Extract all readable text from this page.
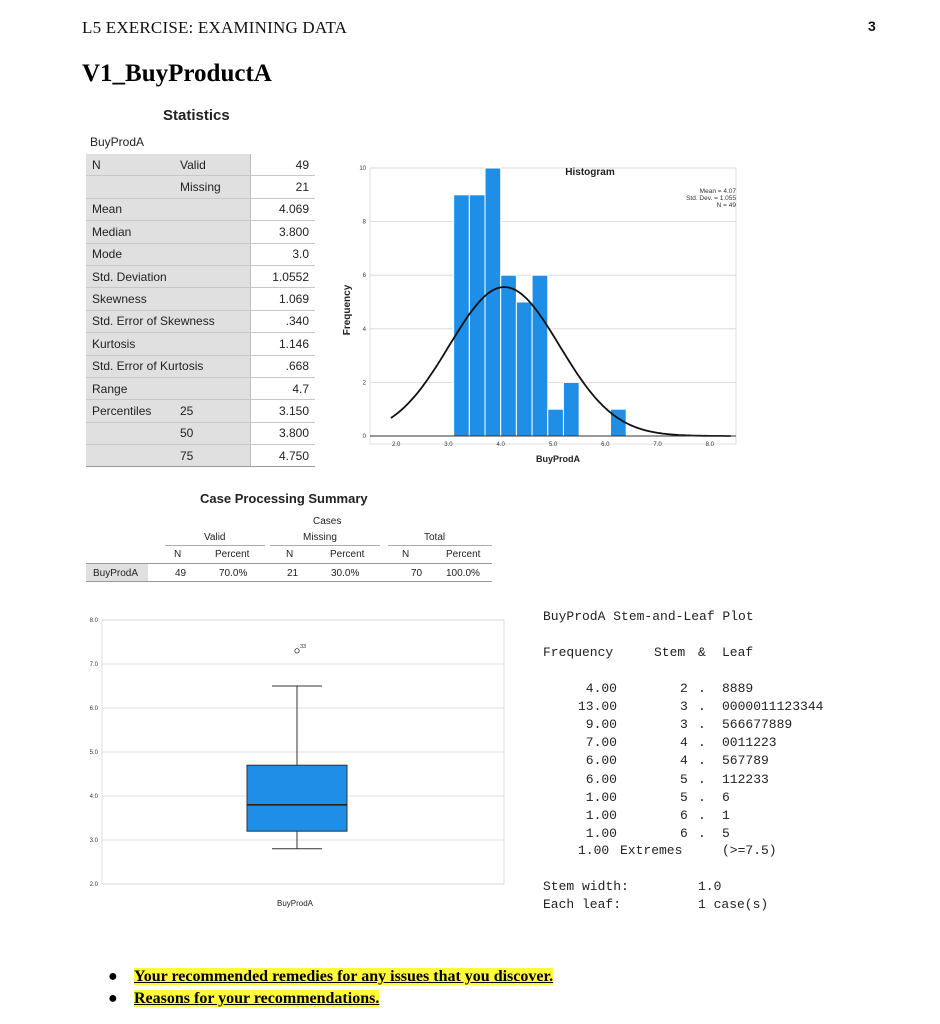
L5 EXERCISE: EXAMINING DATA	3
V1_BuyProductA
Statistics
BuyProdA
N	Valid	49
	Missing	21
Mean		4.069
Median		3.800
Mode		3.0
Std. Deviation		1.0552
Skewness		1.069
Std. Error of Skewness		.340
Kurtosis		1.146
Std. Error of Kurtosis		.668
Range		4.7
Percentiles	25	3.150
	50	3.800
	75	4.750
0
2
4
6
8
10
2.0	3.0	4.0	5.0	6.0	7.0	8.0
Histogram
BuyProdA
Frequency
Mean = 4.07
Std. Dev. = 1.055
N = 49
Case Processing Summary
Cases
Valid	Missing	Total
N	Percent	N	Percent	N	Percent
BuyProdA	49	70.0%	21	30.0%	70 100.0%
2.0
3.0
4.0
5.0
6.0
7.0
8.0
33
BuyProdA
BuyProdA Stem-and-Leaf Plot
Frequency	Stem & Leaf
4.00	2 . 8889
13.00	3 . 0000011123344
9.00	3 . 566677889
7.00	4 . 0011223
6.00	4 . 567789
6.00	5 . 112233
1.00	5 . 6
1.00	6 . 1
1.00	6 . 5
1.00 Extremes	(>=7.5)
Stem width:	1.0
Each leaf:	1 case(s)
● Your recommended remedies for any issues that you discover.
● Reasons for your recommendations.
